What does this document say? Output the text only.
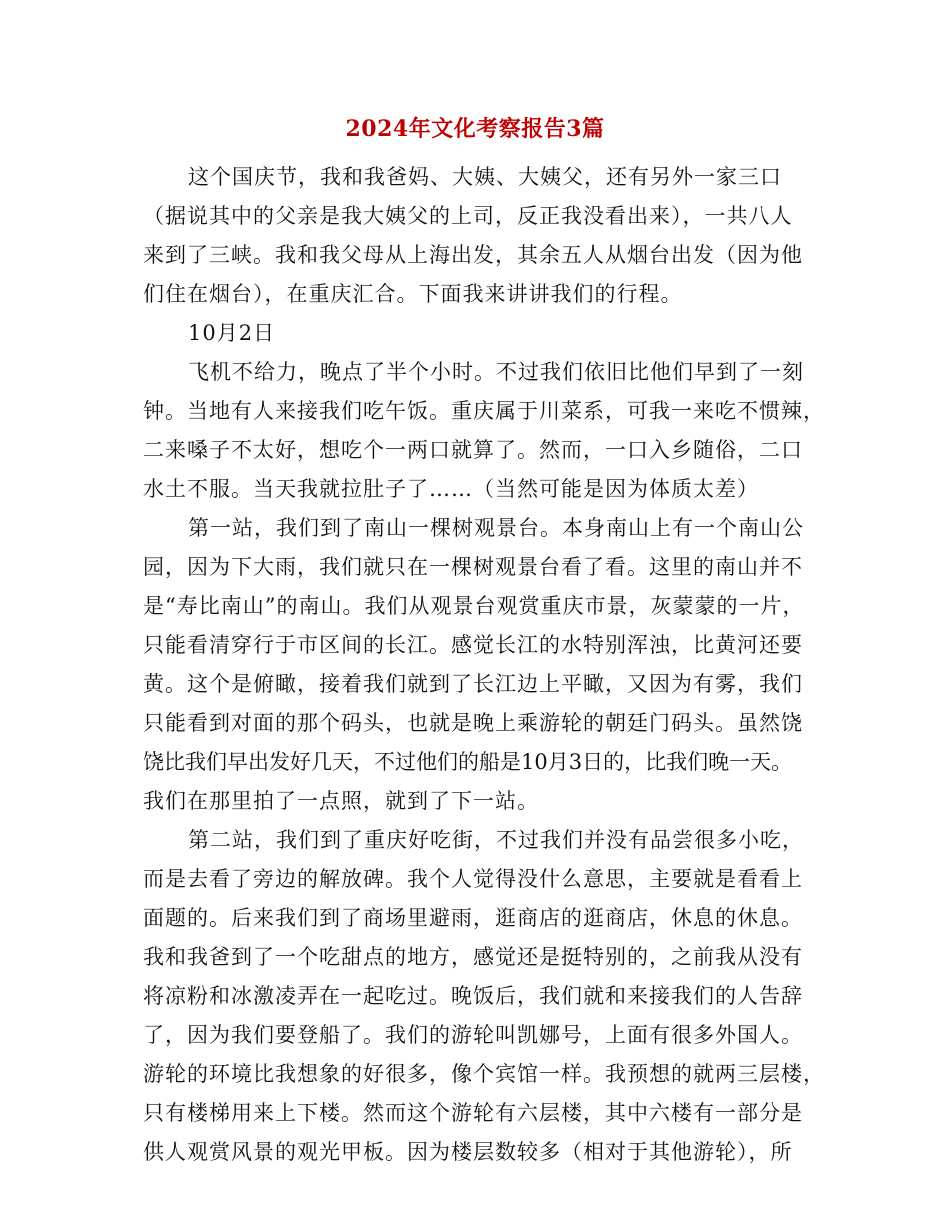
2024年文化考察报告3篇
这个国庆节，我和我爸妈、大姨、大姨父，还有另外一家三口
（据说其中的父亲是我大姨父的上司，反正我没看出来），一共八人
来到了三峡。我和我父母从上海出发，其余五人从烟台出发（因为他
们住在烟台），在重庆汇合。下面我来讲讲我们的行程。
10月2日
飞机不给力，晚点了半个小时。不过我们依旧比他们早到了一刻
钟。当地有人来接我们吃午饭。重庆属于川菜系，可我一来吃不惯辣，
二来嗓子不太好，想吃个一两口就算了。然而，一口入乡随俗，二口
水土不服。当天我就拉肚子了……（当然可能是因为体质太差）
第一站，我们到了南山一棵树观景台。本身南山上有一个南山公
园，因为下大雨，我们就只在一棵树观景台看了看。这里的南山并不
是“寿比南山”的南山。我们从观景台观赏重庆市景，灰蒙蒙的一片，
只能看清穿行于市区间的长江。感觉长江的水特别浑浊，比黄河还要
黄。这个是俯瞰，接着我们就到了长江边上平瞰，又因为有雾，我们
只能看到对面的那个码头，也就是晚上乘游轮的朝廷门码头。虽然饶
饶比我们早出发好几天，不过他们的船是10月3日的，比我们晚一天。
我们在那里拍了一点照，就到了下一站。
第二站，我们到了重庆好吃街，不过我们并没有品尝很多小吃，
而是去看了旁边的解放碑。我个人觉得没什么意思，主要就是看看上
面题的。后来我们到了商场里避雨，逛商店的逛商店，休息的休息。
我和我爸到了一个吃甜点的地方，感觉还是挺特别的，之前我从没有
将凉粉和冰激凌弄在一起吃过。晚饭后，我们就和来接我们的人告辞
了，因为我们要登船了。我们的游轮叫凯娜号，上面有很多外国人。
游轮的环境比我想象的好很多，像个宾馆一样。我预想的就两三层楼，
只有楼梯用来上下楼。然而这个游轮有六层楼，其中六楼有一部分是
供人观赏风景的观光甲板。因为楼层数较多（相对于其他游轮），所
